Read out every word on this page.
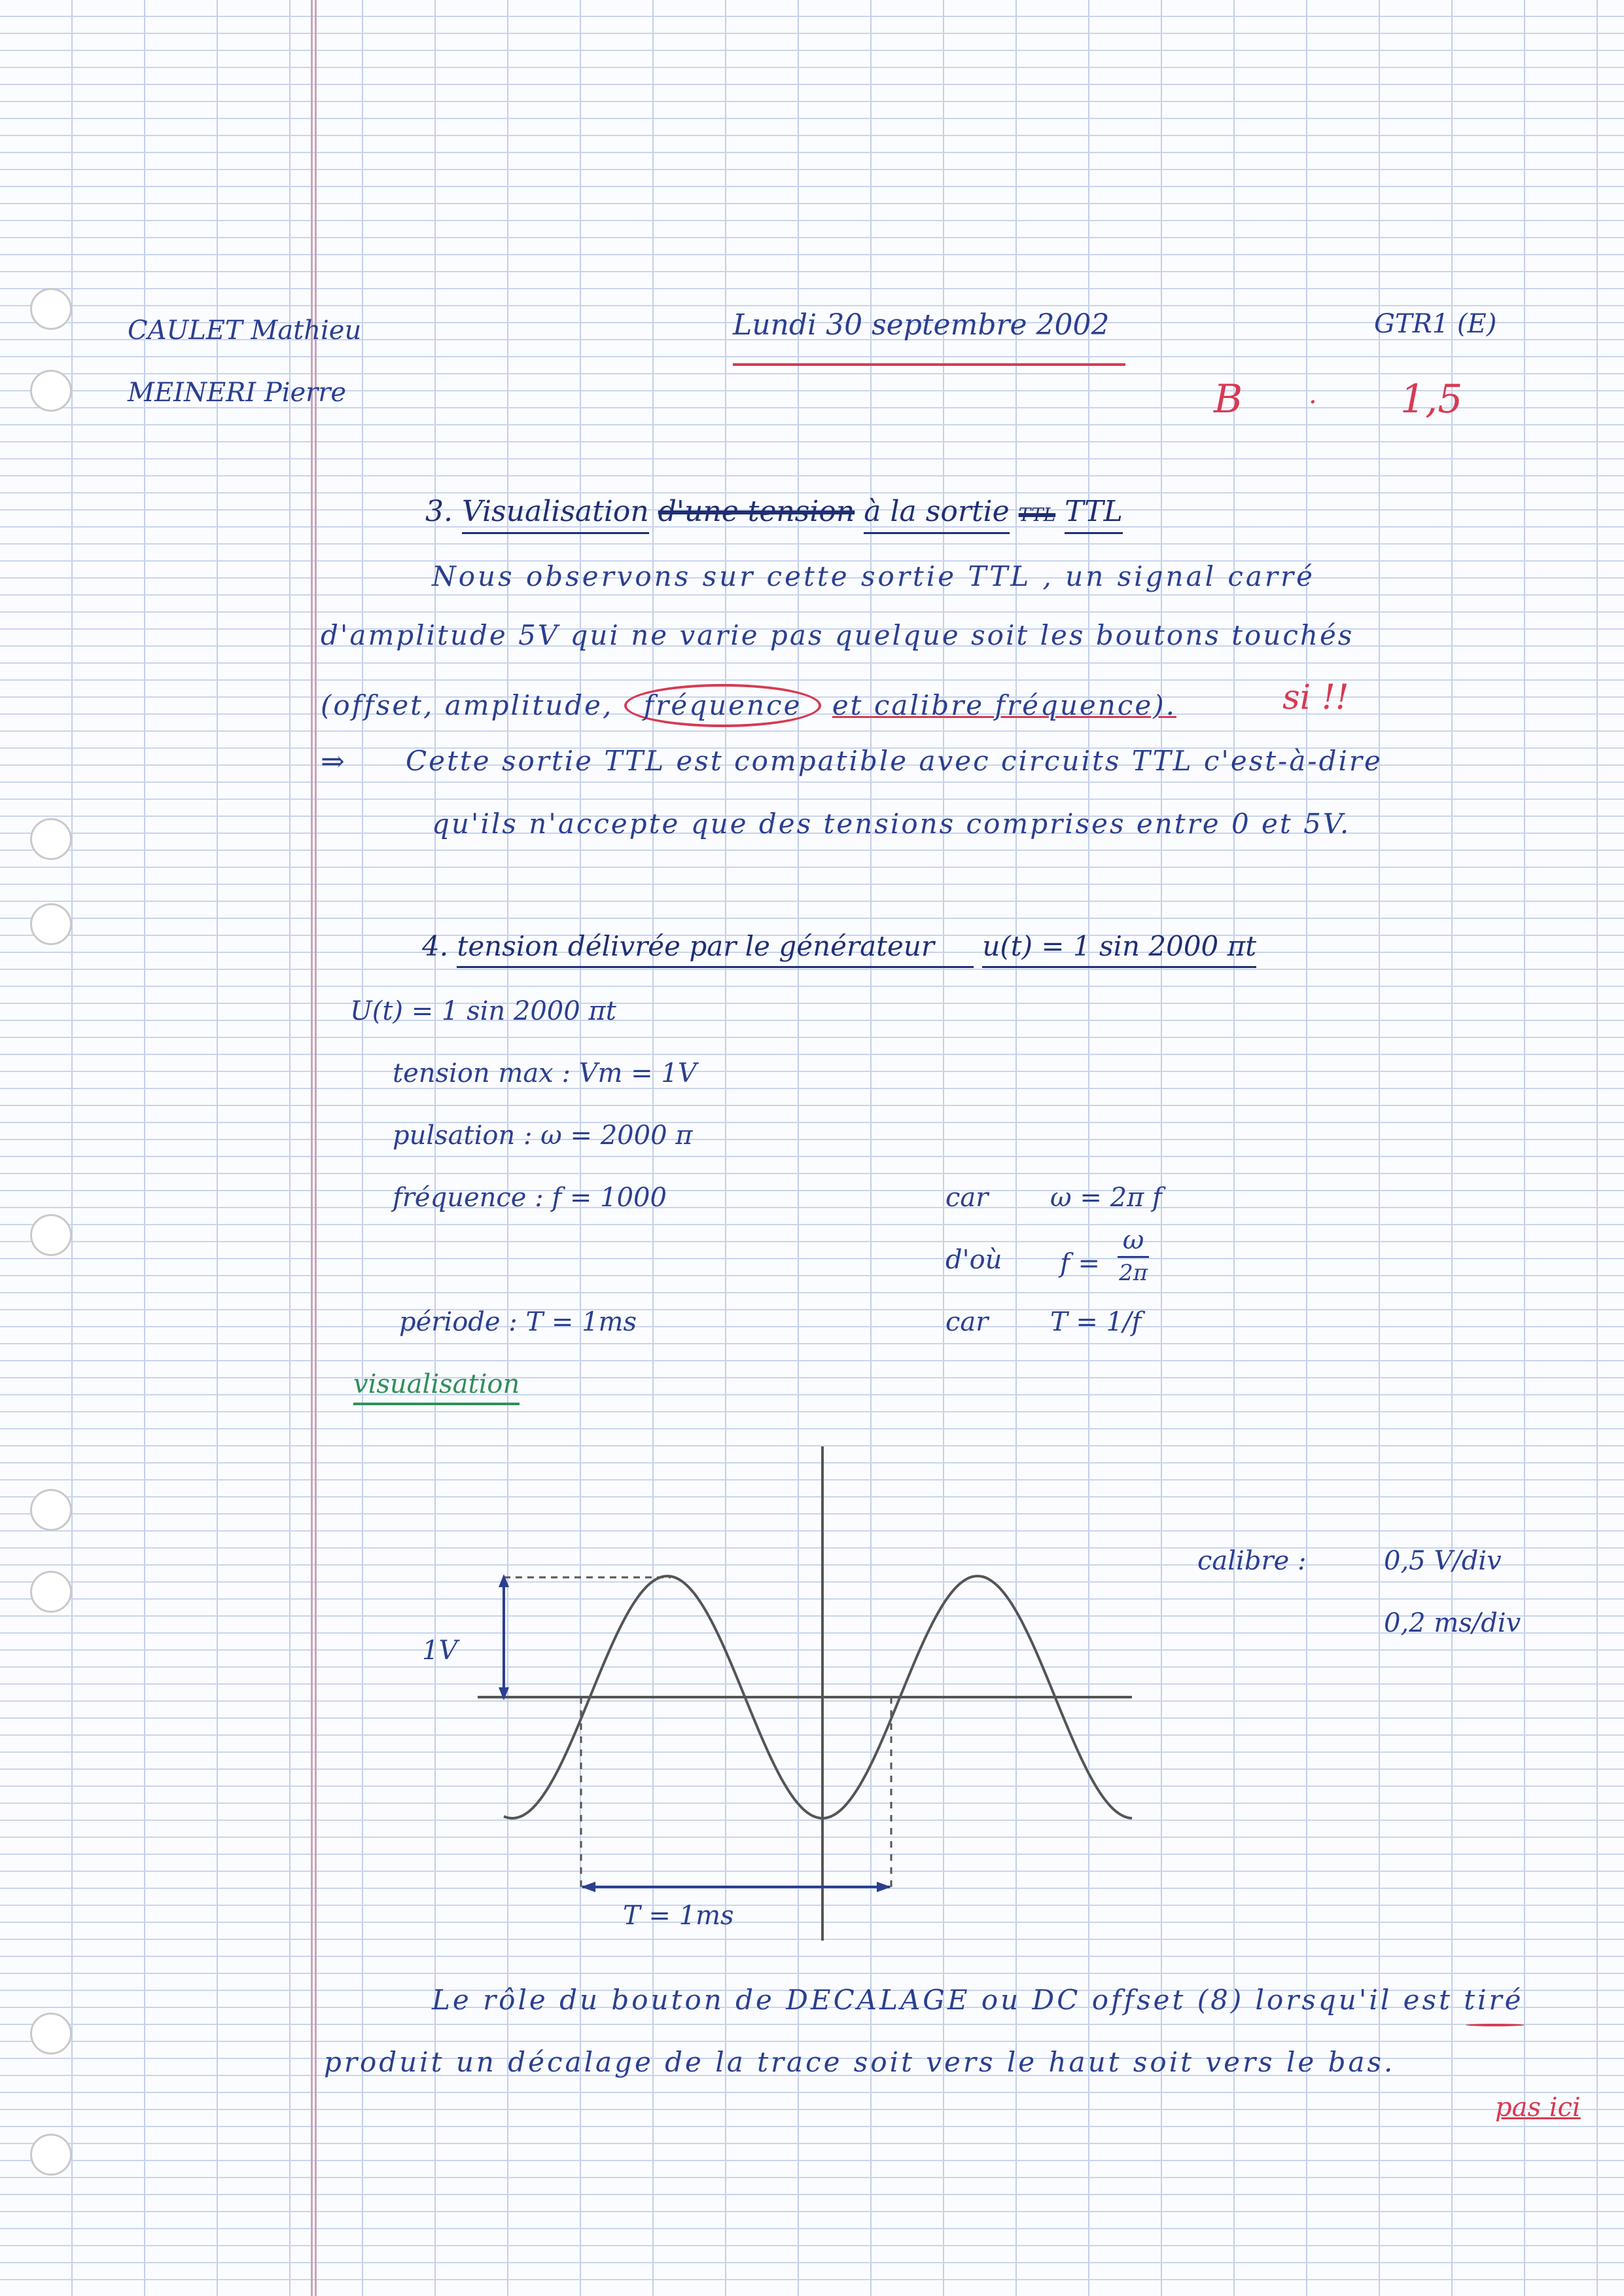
CAULET Mathieu
MEINERI Pierre
Lundi 30 septembre 2002	GTR1 (E)
B	· 1,5
3. Visualisation d'une tension à la sortie TTL TTL
Nous observons sur cette sortie TTL , un signal carré
d'amplitude 5V qui ne varie pas quelque soit les boutons touchés
(offset, amplitude, fréquence et calibre fréquence).	si !!
⇒ Cette sortie TTL est compatible avec circuits TTL c'est-à-dire
qu'ils n'accepte que des tensions comprises entre 0 et 5V.
4. tension délivrée par le générateur u(t) = 1 sin 2000 πt
U(t) = 1 sin 2000 πt
tension max : Vm = 1V
pulsation : ω = 2000 π
fréquence : f = 1000	car ω = 2π f
d'où $f = \frac{\omega}{2\pi}$
période : T = 1ms	car T = 1/f
visualisation
calibre :	0,5 V/div
0,2 ms/div
1V
T = 1ms
Le rôle du bouton de DECALAGE ou DC offset (8) lorsqu'il est tiré
produit un décalage de la trace soit vers le haut soit vers le bas.
pas ici
